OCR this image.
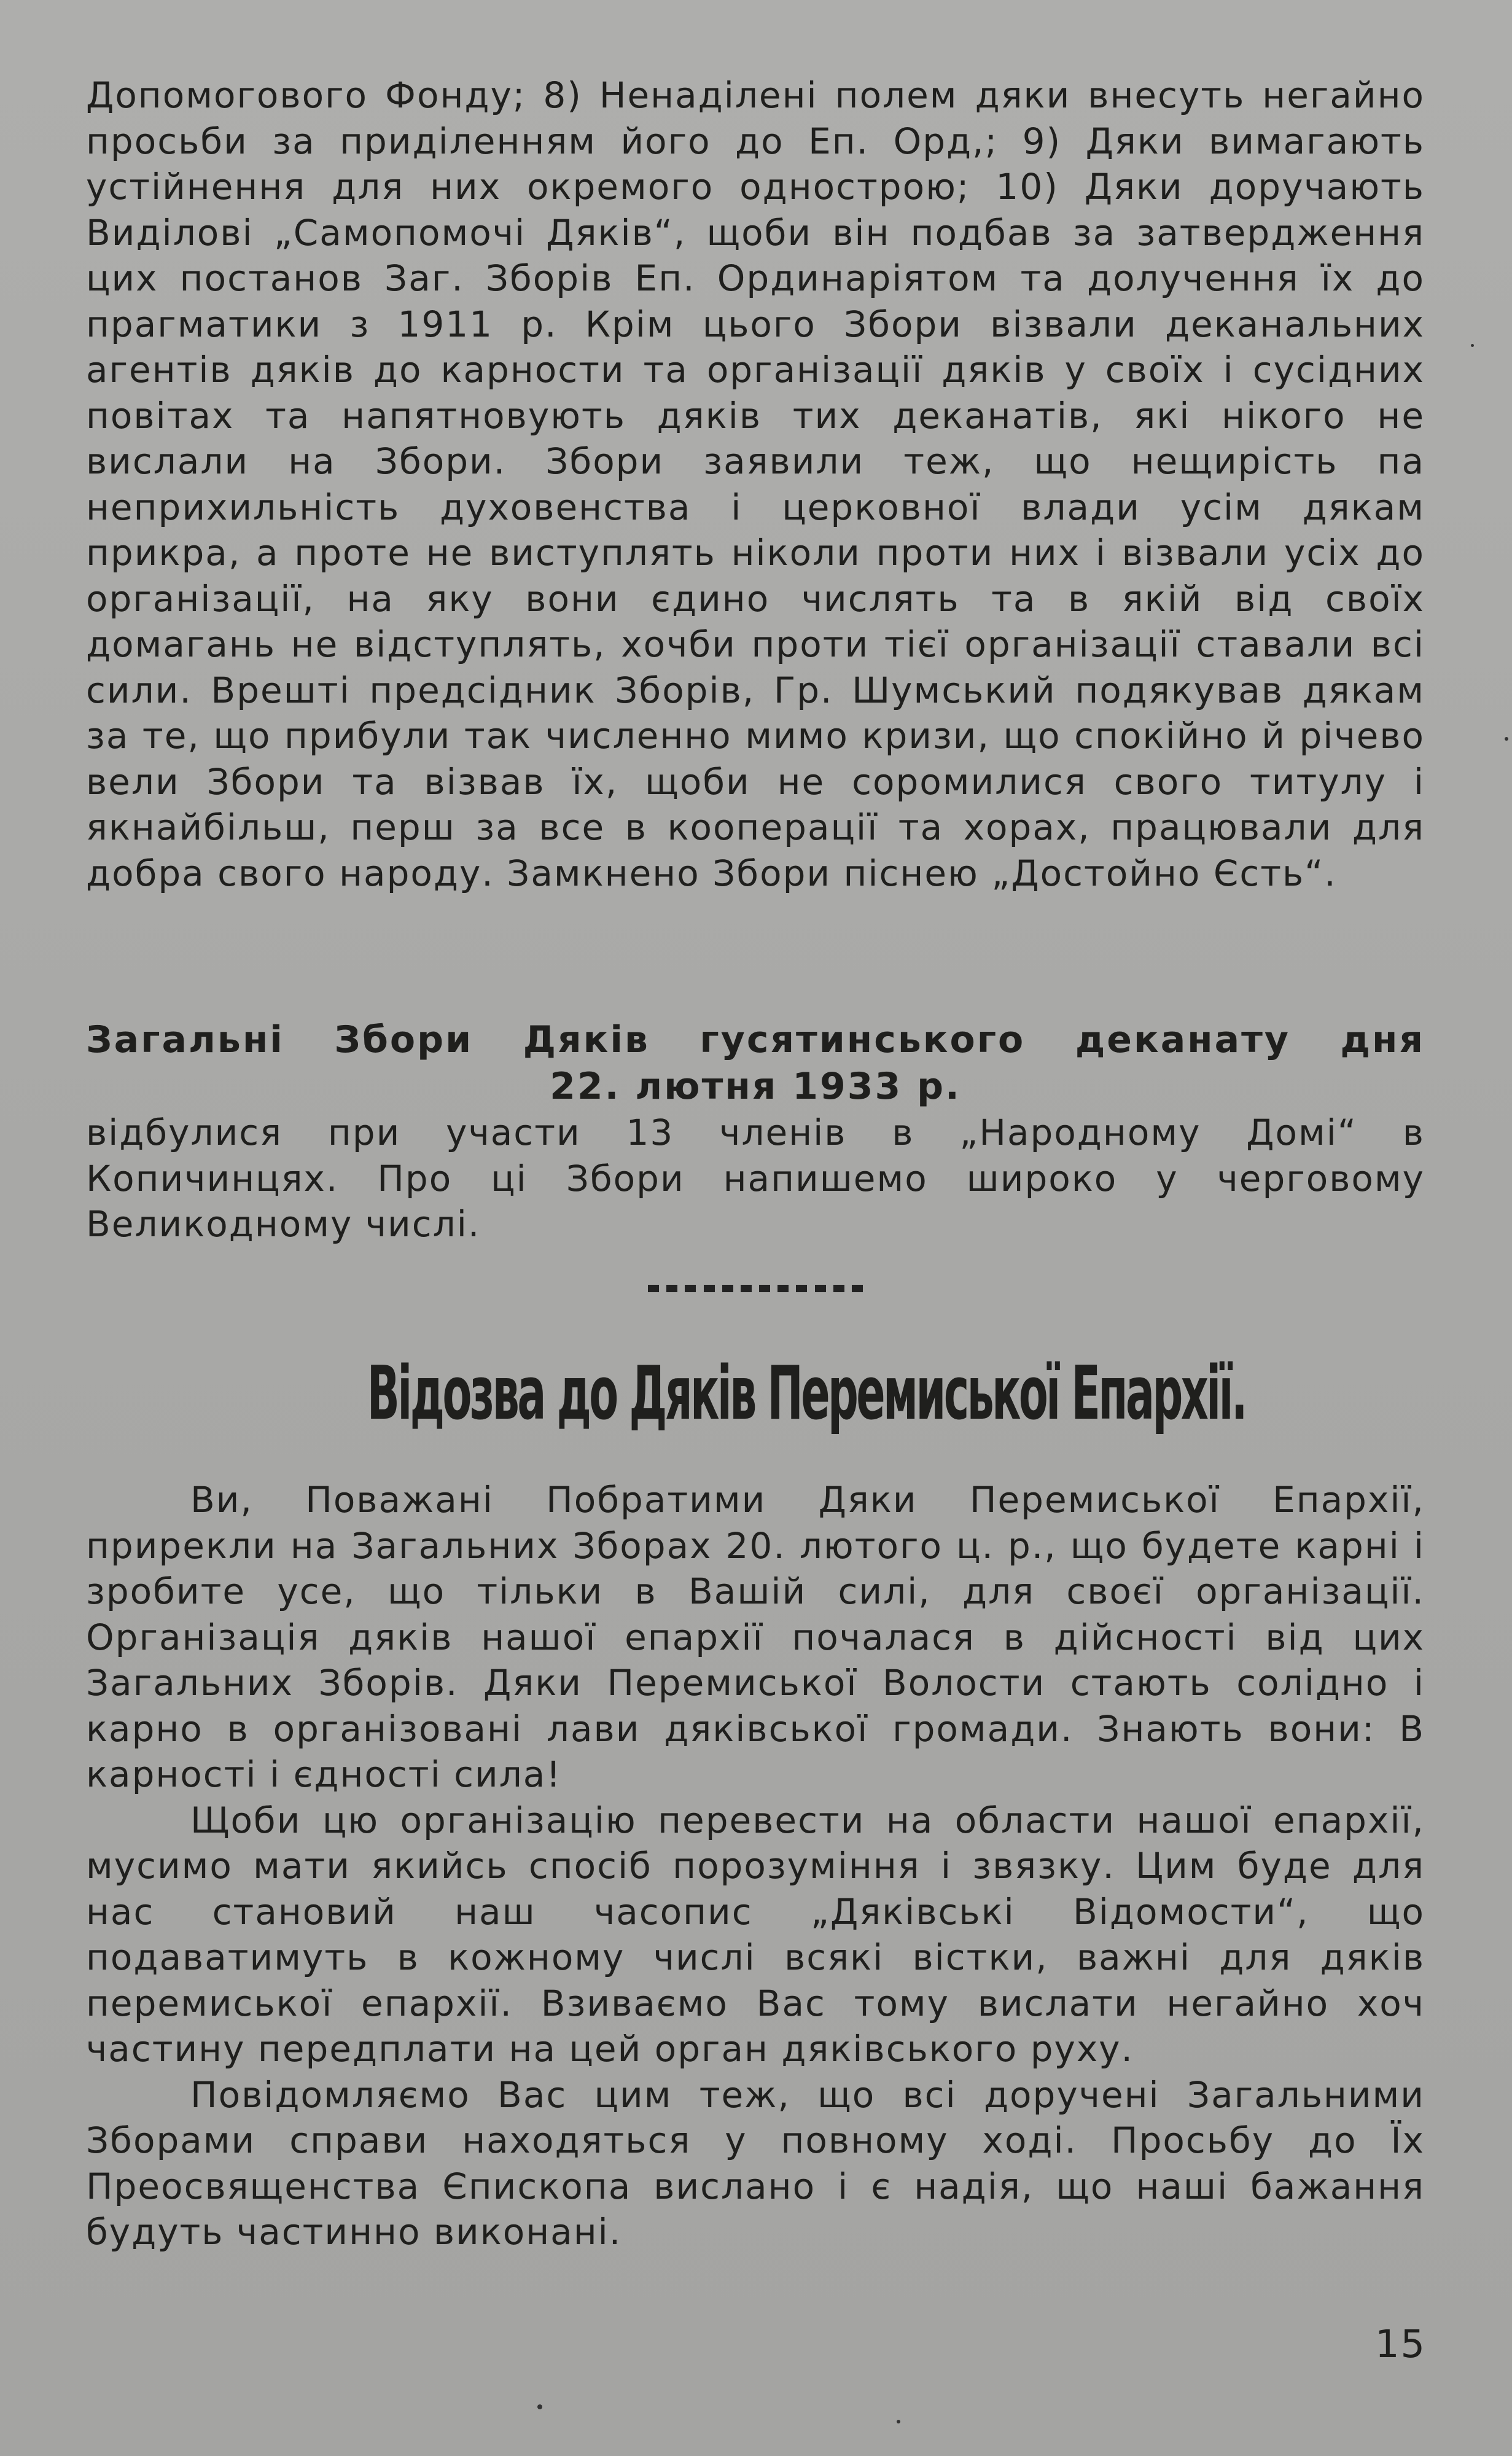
Допомогового Фонду; 8) Ненаділені полем дяки внесуть негайно просьби за приділенням його до Еп. Орд,; 9) Дяки вимагають устійнення для них окремого однострою; 10) Дяки доручають Виділові „Самопомочі Дяків“, щоби він подбав за затвердження цих постанов Заг. Зборів Еп. Ординаріятом та долучення їх до прагматики з 1911 р. Крім цього Збори візвали деканальних агентів дяків до карности та організації дяків у своїх і сусідних повітах та напятновують дяків тих деканатів, які нікого не вислали на Збори. Збори заявили теж, що нещирість па неприхильність духовенства і церковної влади усім дякам прикра, а проте не виступлять ніколи проти них і візвали усіх до організації, на яку вони єдино числять та в якій від своїх домагань не відступлять, хочби проти тієї організації ставали всі сили. Врешті предсідник Зборів, Гр. Шумський подякував дякам за те, що прибули так численно мимо кризи, що спокійно й річево вели Збори та візвав їх, щоби не соромилися свого титулу і якнайбільш, перш за все в кооперації та хорах, працювали для добра свого народу. Замкнено Збори піснею „Достойно Єсть“.

Загальні Збори Дяків гусятинського деканату дня
22. лютня 1933 р.

відбулися при участи 13 членів в „Народному Домі“ в Копичинцях. Про ці Збори напишемо широко у черговому Великодному числі.

Відозва до Дяків Перемиської Епархії.

Ви, Поважані Побратими Дяки Перемиської Епархії, прирекли на Загальних Зборах 20. лютого ц. р., що будете карні і зробите усе, що тільки в Вашій силі, для своєї організації. Організація дяків нашої епархії почалася в дійсності від цих Загальних Зборів. Дяки Перемиської Волости стають солідно і карно в організовані лави дяківської громади. Знають вони: В карності і єдності сила!

Щоби цю організацію перевести на области нашої епархії, мусимо мати якийсь спосіб порозуміння і звязку. Цим буде для нас становий наш часопис „Дяківські Відомости“, що подаватимуть в кожному числі всякі вістки, важні для дяків перемиської епархії. Взиваємо Вас тому вислати негайно хоч частину передплати на цей орган дяківського руху.

Повідомляємо Вас цим теж, що всі доручені Загальними Зборами справи находяться у повному ході. Просьбу до Їх Преосвященства Єпископа вислано і є надія, що наші бажання будуть частинно виконані.

15
